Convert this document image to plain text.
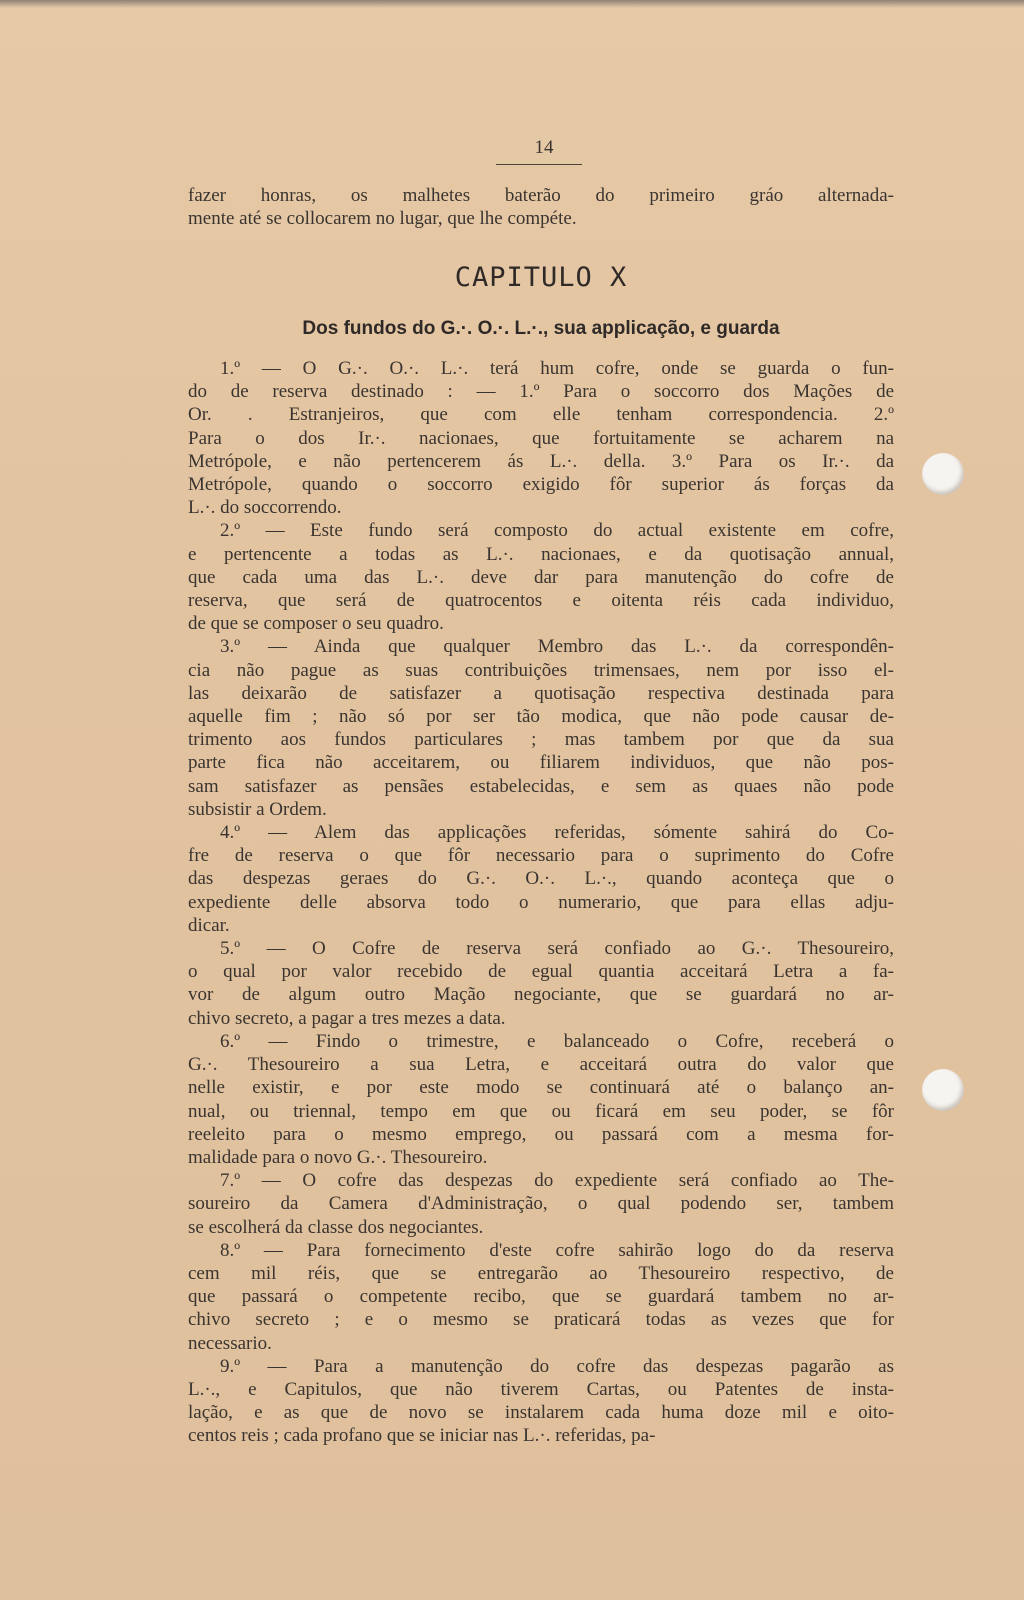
14
fazer honras, os malhetes baterão do primeiro gráo alternada-
mente até se collocarem no lugar, que lhe compéte.
CAPITULO X
Dos fundos do G.·. O.·. L.·., sua applicação, e guarda
1.º — O G.·. O.·. L.·. terá hum cofre, onde se guarda o fun-
do de reserva destinado : — 1.º Para o soccorro dos Mações de
Or. . Estranjeiros, que com elle tenham correspondencia. 2.º
Para o dos Ir.·. nacionaes, que fortuitamente se acharem na
Metrópole, e não pertencerem ás L.·. della. 3.º Para os Ir.·. da
Metrópole, quando o soccorro exigido fôr superior ás forças da
L.·. do soccorrendo.
2.º — Este fundo será composto do actual existente em cofre,
e pertencente a todas as L.·. nacionaes, e da quotisação annual,
que cada uma das L.·. deve dar para manutenção do cofre de
reserva, que será de quatrocentos e oitenta réis cada individuo,
de que se composer o seu quadro.
3.º — Ainda que qualquer Membro das L.·. da correspondên-
cia não pague as suas contribuições trimensaes, nem por isso el-
las deixarão de satisfazer a quotisação respectiva destinada para
aquelle fim ; não só por ser tão modica, que não pode causar de-
trimento aos fundos particulares ; mas tambem por que da sua
parte fica não acceitarem, ou filiarem individuos, que não pos-
sam satisfazer as pensães estabelecidas, e sem as quaes não pode
subsistir a Ordem.
4.º — Alem das applicações referidas, sómente sahirá do Co-
fre de reserva o que fôr necessario para o suprimento do Cofre
das despezas geraes do G.·. O.·. L.·., quando aconteça que o
expediente delle absorva todo o numerario, que para ellas adju-
dicar.
5.º — O Cofre de reserva será confiado ao G.·. Thesoureiro,
o qual por valor recebido de egual quantia acceitará Letra a fa-
vor de algum outro Mação negociante, que se guardará no ar-
chivo secreto, a pagar a tres mezes a data.
6.º — Findo o trimestre, e balanceado o Cofre, receberá o
G.·. Thesoureiro a sua Letra, e acceitará outra do valor que
nelle existir, e por este modo se continuará até o balanço an-
nual, ou triennal, tempo em que ou ficará em seu poder, se fôr
reeleito para o mesmo emprego, ou passará com a mesma for-
malidade para o novo G.·. Thesoureiro.
7.º — O cofre das despezas do expediente será confiado ao The-
soureiro da Camera d'Administração, o qual podendo ser, tambem
se escolherá da classe dos negociantes.
8.º — Para fornecimento d'este cofre sahirão logo do da reserva
cem mil réis, que se entregarão ao Thesoureiro respectivo, de
que passará o competente recibo, que se guardará tambem no ar-
chivo secreto ; e o mesmo se praticará todas as vezes que for
necessario.
9.º — Para a manutenção do cofre das despezas pagarão as
L.·., e Capitulos, que não tiverem Cartas, ou Patentes de insta-
lação, e as que de novo se instalarem cada huma doze mil e oito-
centos reis ; cada profano que se iniciar nas L.·. referidas, pa-
